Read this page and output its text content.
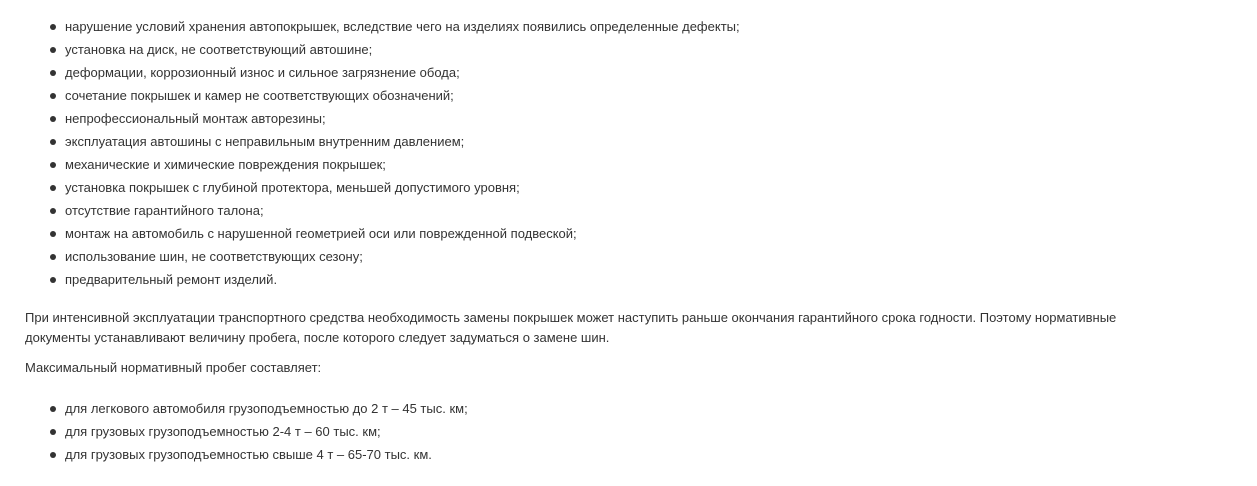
нарушение условий хранения автопокрышек, вследствие чего на изделиях появились определенные дефекты;
установка на диск, не соответствующий автошине;
деформации, коррозионный износ и сильное загрязнение обода;
сочетание покрышек и камер не соответствующих обозначений;
непрофессиональный монтаж авторезины;
эксплуатация автошины с неправильным внутренним давлением;
механические и химические повреждения покрышек;
установка покрышек с глубиной протектора, меньшей допустимого уровня;
отсутствие гарантийного талона;
монтаж на автомобиль с нарушенной геометрией оси или поврежденной подвеской;
использование шин, не соответствующих сезону;
предварительный ремонт изделий.

При интенсивной эксплуатации транспортного средства необходимость замены покрышек может наступить раньше окончания гарантийного срока годности. Поэтому нормативные документы устанавливают величину пробега, после которого следует задуматься о замене шин.

Максимальный нормативный пробег составляет:

для легкового автомобиля грузоподъемностью до 2 т – 45 тыс. км;
для грузовых грузоподъемностью 2-4 т – 60 тыс. км;
для грузовых грузоподъемностью свыше 4 т – 65-70 тыс. км.
